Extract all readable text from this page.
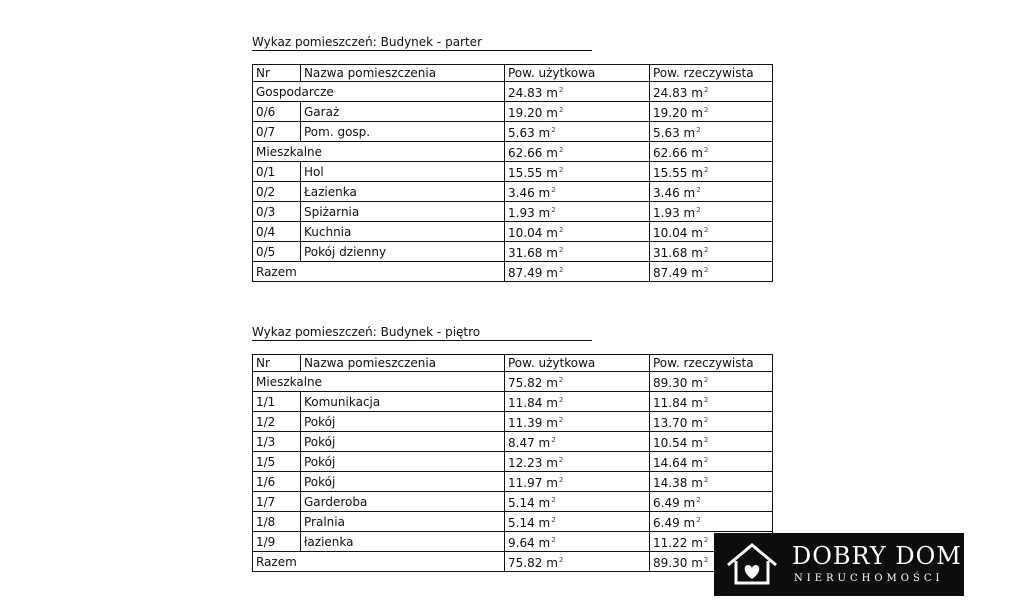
Wykaz pomieszczeń: Budynek - parter
Nr	Nazwa pomieszczenia	Pow. użytkowa	Pow. rzeczywista
Gospodarcze		24.83 $m^2$	24.83 $m^2$
0/6	Garaż	19.20 $m^2$	19.20 $m^2$
0/7	Pom. gosp.	5.63 $m^2$	5.63 $m^2$
Mieszkalne		62.66 $m^2$	62.66 $m^2$
0/1	Hol	15.55 $m^2$	15.55 $m^2$
0/2	Łazienka	3.46 $m^2$	3.46 $m^2$
0/3	Spiżarnia	1.93 $m^2$	1.93 $m^2$
0/4	Kuchnia	10.04 $m^2$	10.04 $m^2$
0/5	Pokój dzienny	31.68 $m^2$	31.68 $m^2$
Razem		87.49 $m^2$	87.49 $m^2$
Wykaz pomieszczeń: Budynek - piętro
Nr	Nazwa pomieszczenia	Pow. użytkowa	Pow. rzeczywista
Mieszkalne		75.82 $m^2$	89.30 $m^2$
1/1	Komunikacja	11.84 $m^2$	11.84 $m^2$
1/2	Pokój	11.39 $m^2$	13.70 $m^2$
1/3	Pokój	8.47 $m^2$	10.54 $m^2$
1/5	Pokój	12.23 $m^2$	14.64 $m^2$
1/6	Pokój	11.97 $m^2$	14.38 $m^2$
1/7	Garderoba	5.14 $m^2$	6.49 $m^2$
1/8	Pralnia	5.14 $m^2$	6.49 $m^2$
1/9	łazienka	9.64 $m^2$	11.22 $m^2$
Razem		75.82 $m^2$	89.30 $m^2$	DOBRY DOM
NIERUCHOMOŚCI
